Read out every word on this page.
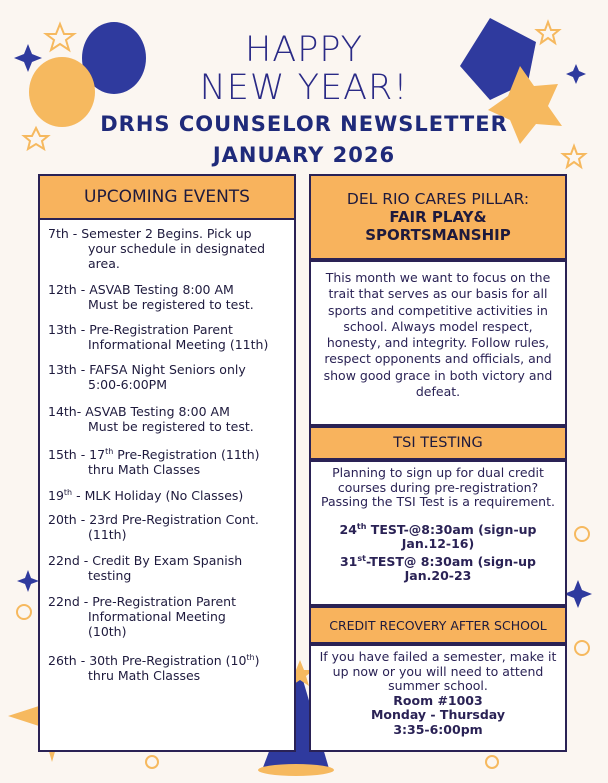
HAPPY
NEW YEAR!
DRHS COUNSELOR NEWSLETTER
JANUARY 2026
UPCOMING EVENTS
7th - Semester 2 Begins. Pick up
your schedule in designated area.
12th - ASVAB Testing 8:00 AM
Must be registered to test.
13th - Pre-Registration Parent
Informational Meeting (11th)
13th - FAFSA Night Seniors only
5:00-6:00PM
14th- ASVAB Testing 8:00 AM
Must be registered to test.
15th - 17th Pre-Registration (11th)
thru Math Classes
19th - MLK Holiday (No Classes)
20th - 23rd Pre-Registration Cont.
(11th)
22nd - Credit By Exam Spanish
testing
22nd - Pre-Registration Parent
Informational Meeting (10th)
26th - 30th Pre-Registration (10th)
thru Math Classes
DEL RIO CARES PILLAR:
FAIR PLAY&
SPORTSMANSHIP
This month we want to focus on the trait that serves as our basis for all sports and competitive activities in school. Always model respect, honesty, and integrity. Follow rules, respect opponents and officials, and show good grace in both victory and defeat.
TSI TESTING
Planning to sign up for dual credit courses during pre-registration? Passing the TSI Test is a requirement.
24th TEST-@8:30am (sign-up Jan.12-16)
31st-TEST@ 8:30am (sign-up Jan.20-23
CREDIT RECOVERY AFTER SCHOOL
If you have failed a semester, make it up now or you will need to attend summer school.
Room #1003
Monday - Thursday
3:35-6:00pm
